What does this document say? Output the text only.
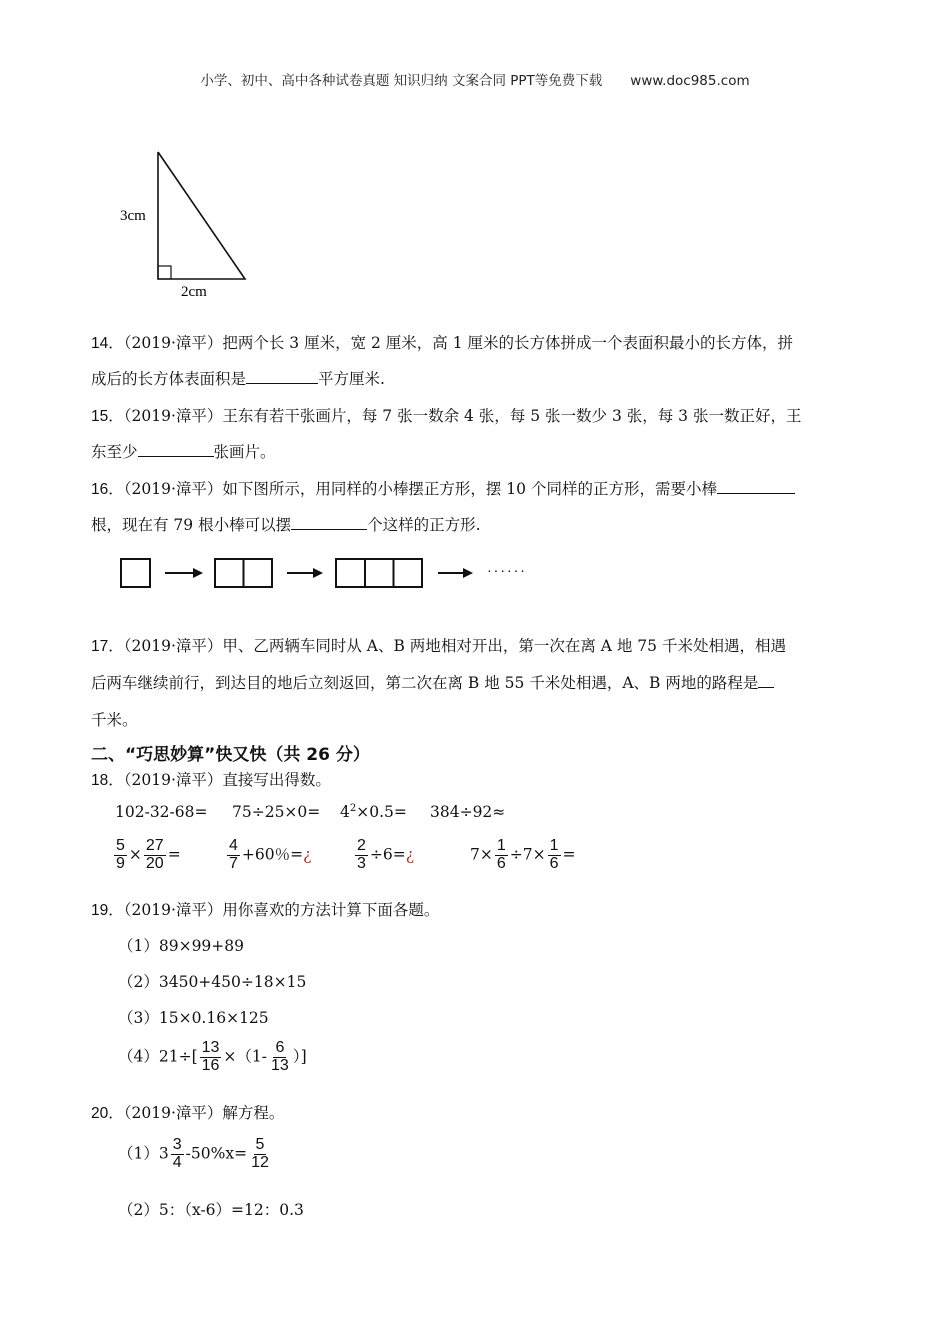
小学、初中、高中各种试卷真题 知识归纳 文案合同 PPT等免费下载 www.doc985.com
3cm
2cm
14．（2019·漳平）把两个长 3 厘米，宽 2 厘米，高 1 厘米的长方体拼成一个表面积最小的长方体，拼
成后的长方体表面积是	平方厘米.
15．（2019·漳平）王东有若干张画片，每 7 张一数余 4 张，每 5 张一数少 3 张，每 3 张一数正好，王
东至少	张画片。
16．（2019·漳平）如下图所示，用同样的小棒摆正方形，摆 10 个同样的正方形，需要小棒
根，现在有 79 根小棒可以摆	个这样的正方形.
······
17．（2019·漳平）甲、乙两辆车同时从 A、B 两地相对开出，第一次在离 A 地 75 千米处相遇，相遇
后两车继续前行，到达目的地后立刻返回，第二次在离 B 地 55 千米处相遇，A、B 两地的路程是
千米。
二、“巧思妙算”快又快（共 26 分）
18．（2019·漳平）直接写出得数。
$102-32-68= 75\div 25\times 0= 4^2\times 0.5= 384\div 92\approx$
$\frac{5}{9} \times \frac{27}{20}$ =	$\frac{4}{7} +60$％=¿	$\frac{2}{3}$ ÷6=¿	$7\times \frac{1}{6} \div 7\times \frac{1}{6}$ =
19．（2019·漳平）用你喜欢的方法计算下面各题。
（1）89×99+89
（2）3450+450÷18×15
（3）15×0.16×125
$(4)21\div[ \frac{13}{16} \times(1- \frac{6}{13}$ ）]
20．（2019·漳平）解方程。
$(1)3 \frac{3}{4} -50\%x= \frac{5}{12}$
（2）5：（x-6）=12：0.3
